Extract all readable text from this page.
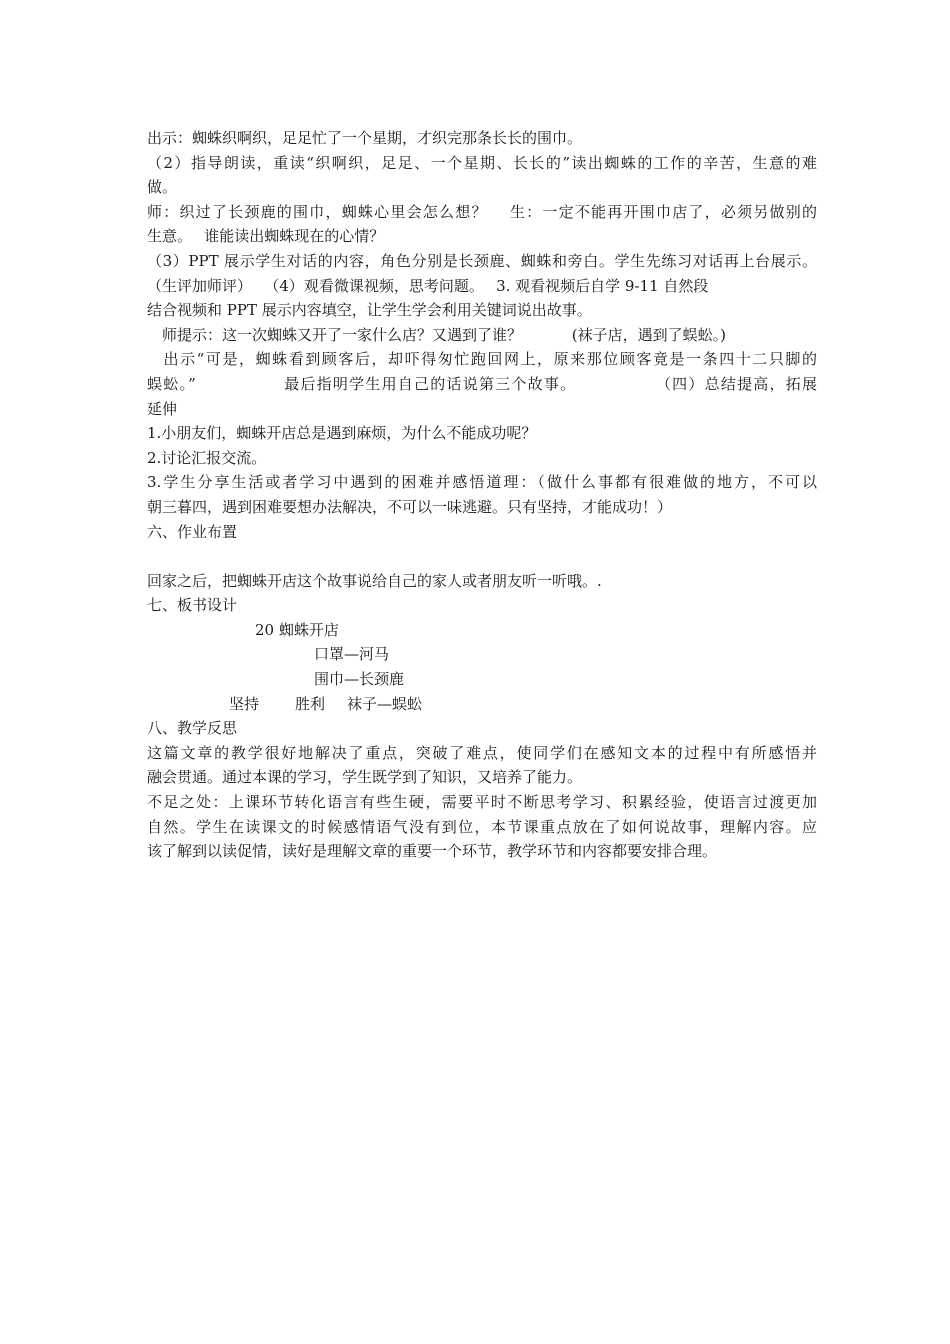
出示：蜘蛛织啊织，足足忙了一个星期，才织完那条长长的围巾。
（2）指导朗读，重读“织啊织，足足、一个星期、长长的”读出蜘蛛的工作的辛苦，生意的难
做。
师：织过了长颈鹿的围巾，蜘蛛心里会怎么想？　 生：一定不能再开围巾店了，必须另做别的
生意。　 谁能读出蜘蛛现在的心情？
（3）PPT 展示学生对话的内容，角色分别是长颈鹿、蜘蛛和旁白。学生先练习对话再上台展示。
（生评加师评）　 （4）观看微课视频，思考问题。　 3. 观看视频后自学 9-11 自然段
结合视频和 PPT 展示内容填空，让学生学会利用关键词说出故事。
　师提示：这一次蜘蛛又开了一家什么店？又遇到了谁？　　　 (袜子店，遇到了蜈蚣。)
　出示“可是，蜘蛛看到顾客后，却吓得匆忙跑回网上，原来那位顾客竟是一条四十二只脚的
蜈蚣。”　　　　　 最后指明学生用自己的话说第三个故事。　　　　　 （四）总结提高，拓展
延伸
1.小朋友们，蜘蛛开店总是遇到麻烦，为什么不能成功呢？
2.讨论汇报交流。
3.学生分享生活或者学习中遇到的困难并感悟道理：（做什么事都有很难做的地方，不可以
朝三暮四，遇到困难要想办法解决，不可以一味逃避。只有坚持，才能成功！）
六、作业布置
回家之后，把蜘蛛开店这个故事说给自己的家人或者朋友听一听哦。.
七、板书设计
20 蜘蛛开店
口罩—河马
围巾—长颈鹿
坚持 胜利 袜子—蜈蚣
八、教学反思
这篇文章的教学很好地解决了重点，突破了难点，使同学们在感知文本的过程中有所感悟并
融会贯通。通过本课的学习，学生既学到了知识，又培养了能力。
不足之处：上课环节转化语言有些生硬，需要平时不断思考学习、积累经验，使语言过渡更加
自然。学生在读课文的时候感情语气没有到位，本节课重点放在了如何说故事，理解内容。应
该了解到以读促情，读好是理解文章的重要一个环节，教学环节和内容都要安排合理。
